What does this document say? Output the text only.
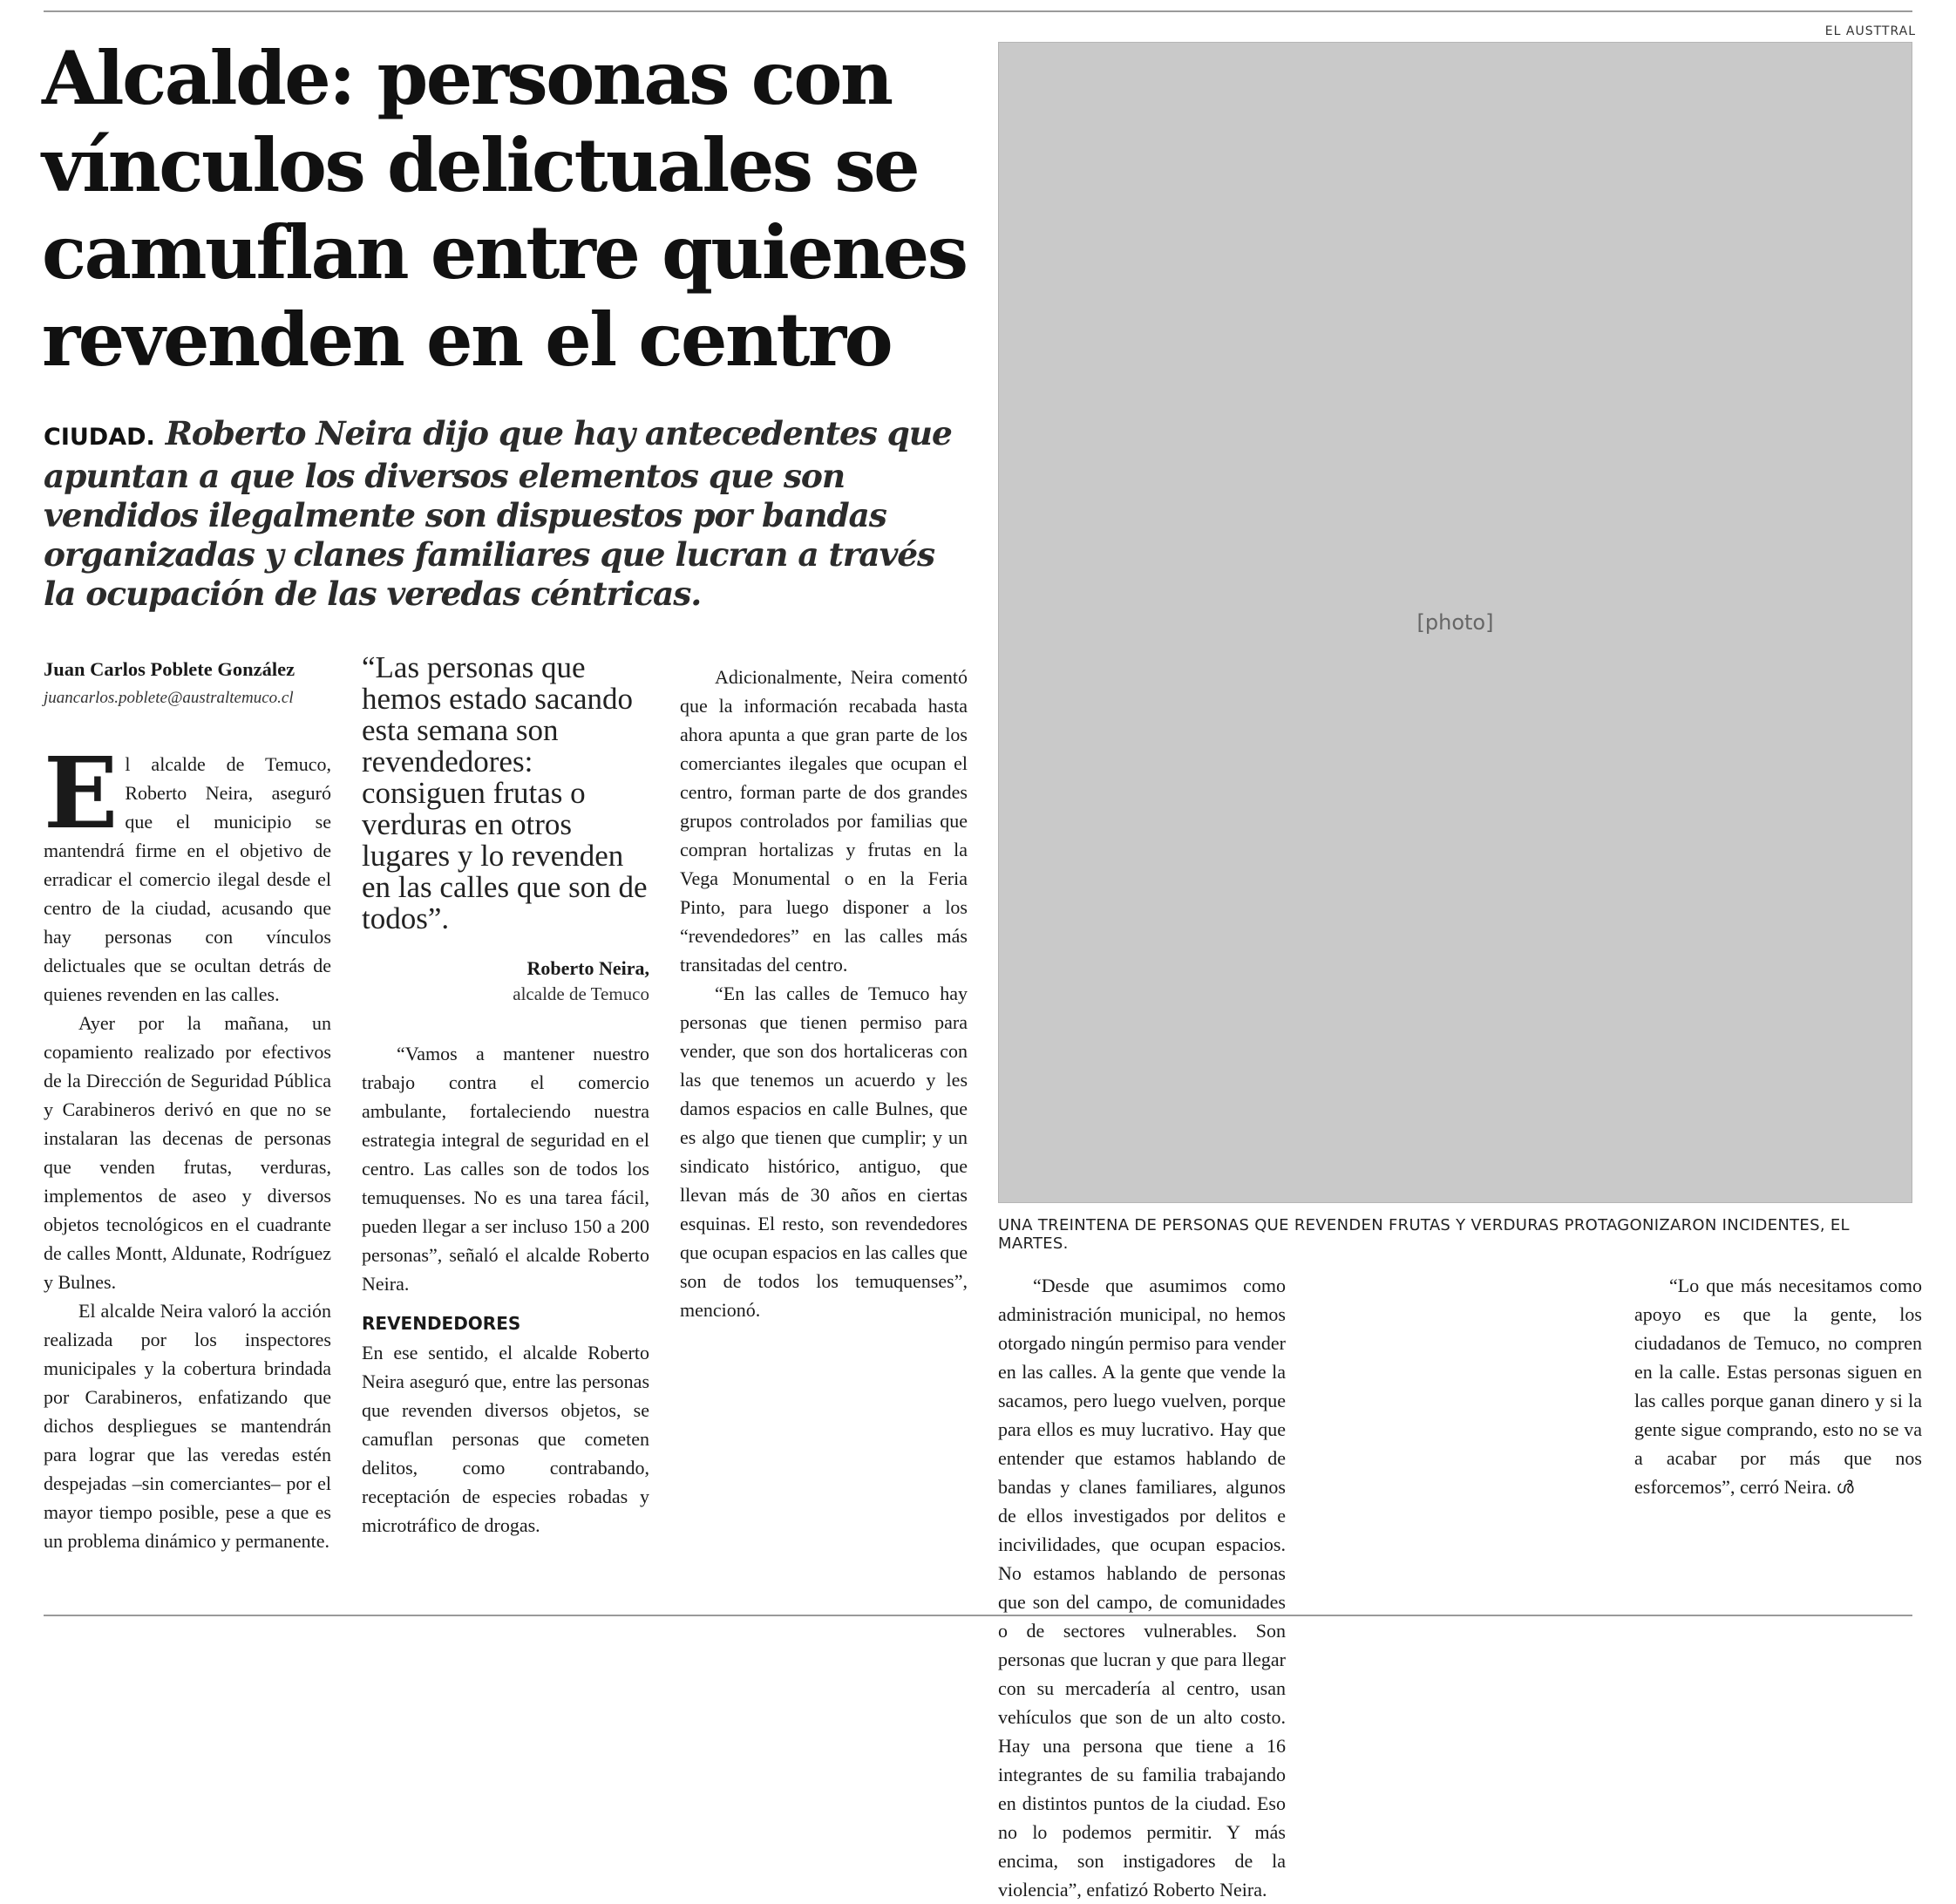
Alcalde: personas con vínculos delictuales se camuflan entre quienes revenden en el centro

CIUDAD. Roberto Neira dijo que hay antecedentes que apuntan a que los diversos elementos que son vendidos ilegalmente son dispuestos por bandas organizadas y clanes familiares que lucran a través la ocupación de las veredas céntricas.

Juan Carlos Poblete González
juancarlos.poblete@australtemuco.cl

El alcalde de Temuco, Roberto Neira, aseguró que el municipio se mantendrá firme en el objetivo de erradicar el comercio ilegal desde el centro de la ciudad, acusando que hay personas con vínculos delictuales que se ocultan detrás de quienes revenden en las calles.

Ayer por la mañana, un copamiento realizado por efectivos de la Dirección de Seguridad Pública y Carabineros derivó en que no se instalaran las decenas de personas que venden frutas, verduras, implementos de aseo y diversos objetos tecnológicos en el cuadrante de calles Montt, Aldunate, Rodríguez y Bulnes.

El alcalde Neira valoró la acción realizada por los inspectores municipales y la cobertura brindada por Carabineros, enfatizando que dichos despliegues se mantendrán para lograr que las veredas estén despejadas –sin comerciantes– por el mayor tiempo posible, pese a que es un problema dinámico y permanente.

“Las personas que hemos estado sacando esta semana son revendedores: consiguen frutas o verduras en otros lugares y lo revenden en las calles que son de todos”.

Roberto Neira,
alcalde de Temuco

“Vamos a mantener nuestro trabajo contra el comercio ambulante, fortaleciendo nuestra estrategia integral de seguridad en el centro. Las calles son de todos los temuquenses. No es una tarea fácil, pueden llegar a ser incluso 150 a 200 personas”, señaló el alcalde Roberto Neira.

REVENDEDORES

En ese sentido, el alcalde Roberto Neira aseguró que, entre las personas que revenden diversos objetos, se camuflan personas que cometen delitos, como contrabando, receptación de especies robadas y microtráfico de drogas.

Adicionalmente, Neira comentó que la información recabada hasta ahora apunta a que gran parte de los comerciantes ilegales que ocupan el centro, forman parte de dos grandes grupos controlados por familias que compran hortalizas y frutas en la Vega Monumental o en la Feria Pinto, para luego disponer a los “revendedores” en las calles más transitadas del centro.

“En las calles de Temuco hay personas que tienen permiso para vender, que son dos hortaliceras con las que tenemos un acuerdo y les damos espacios en calle Bulnes, que es algo que tienen que cumplir; y un sindicato histórico, antiguo, que llevan más de 30 años en ciertas esquinas. El resto, son revendedores que ocupan espacios en las calles que son de todos los temuquenses”, mencionó.

“Desde que asumimos como administración municipal, no hemos otorgado ningún permiso para vender en las calles. A la gente que vende la sacamos, pero luego vuelven, porque para ellos es muy lucrativo. Hay que entender que estamos hablando de bandas y clanes familiares, algunos de ellos investigados por delitos e incivilidades, que ocupan espacios. No estamos hablando de personas que son del campo, de comunidades o de sectores vulnerables. Son personas que lucran y que para llegar con su mercadería al centro, usan vehículos que son de un alto costo. Hay una persona que tiene a 16 integrantes de su familia trabajando en distintos puntos de la ciudad. Eso no lo podemos permitir. Y más encima, son instigadores de la violencia”, enfatizó Roberto Neira.

“Lo que más necesitamos como apoyo es que la gente, los ciudadanos de Temuco, no compren en la calle. Estas personas siguen en las calles porque ganan dinero y si la gente sigue comprando, esto no se va a acabar por más que nos esforcemos”, cerró Neira. ൾ

EL AUSTTRAL
[photo]
UNA TREINTENA DE PERSONAS QUE REVENDEN FRUTAS Y VERDURAS PROTAGONIZARON INCIDENTES, EL MARTES.
